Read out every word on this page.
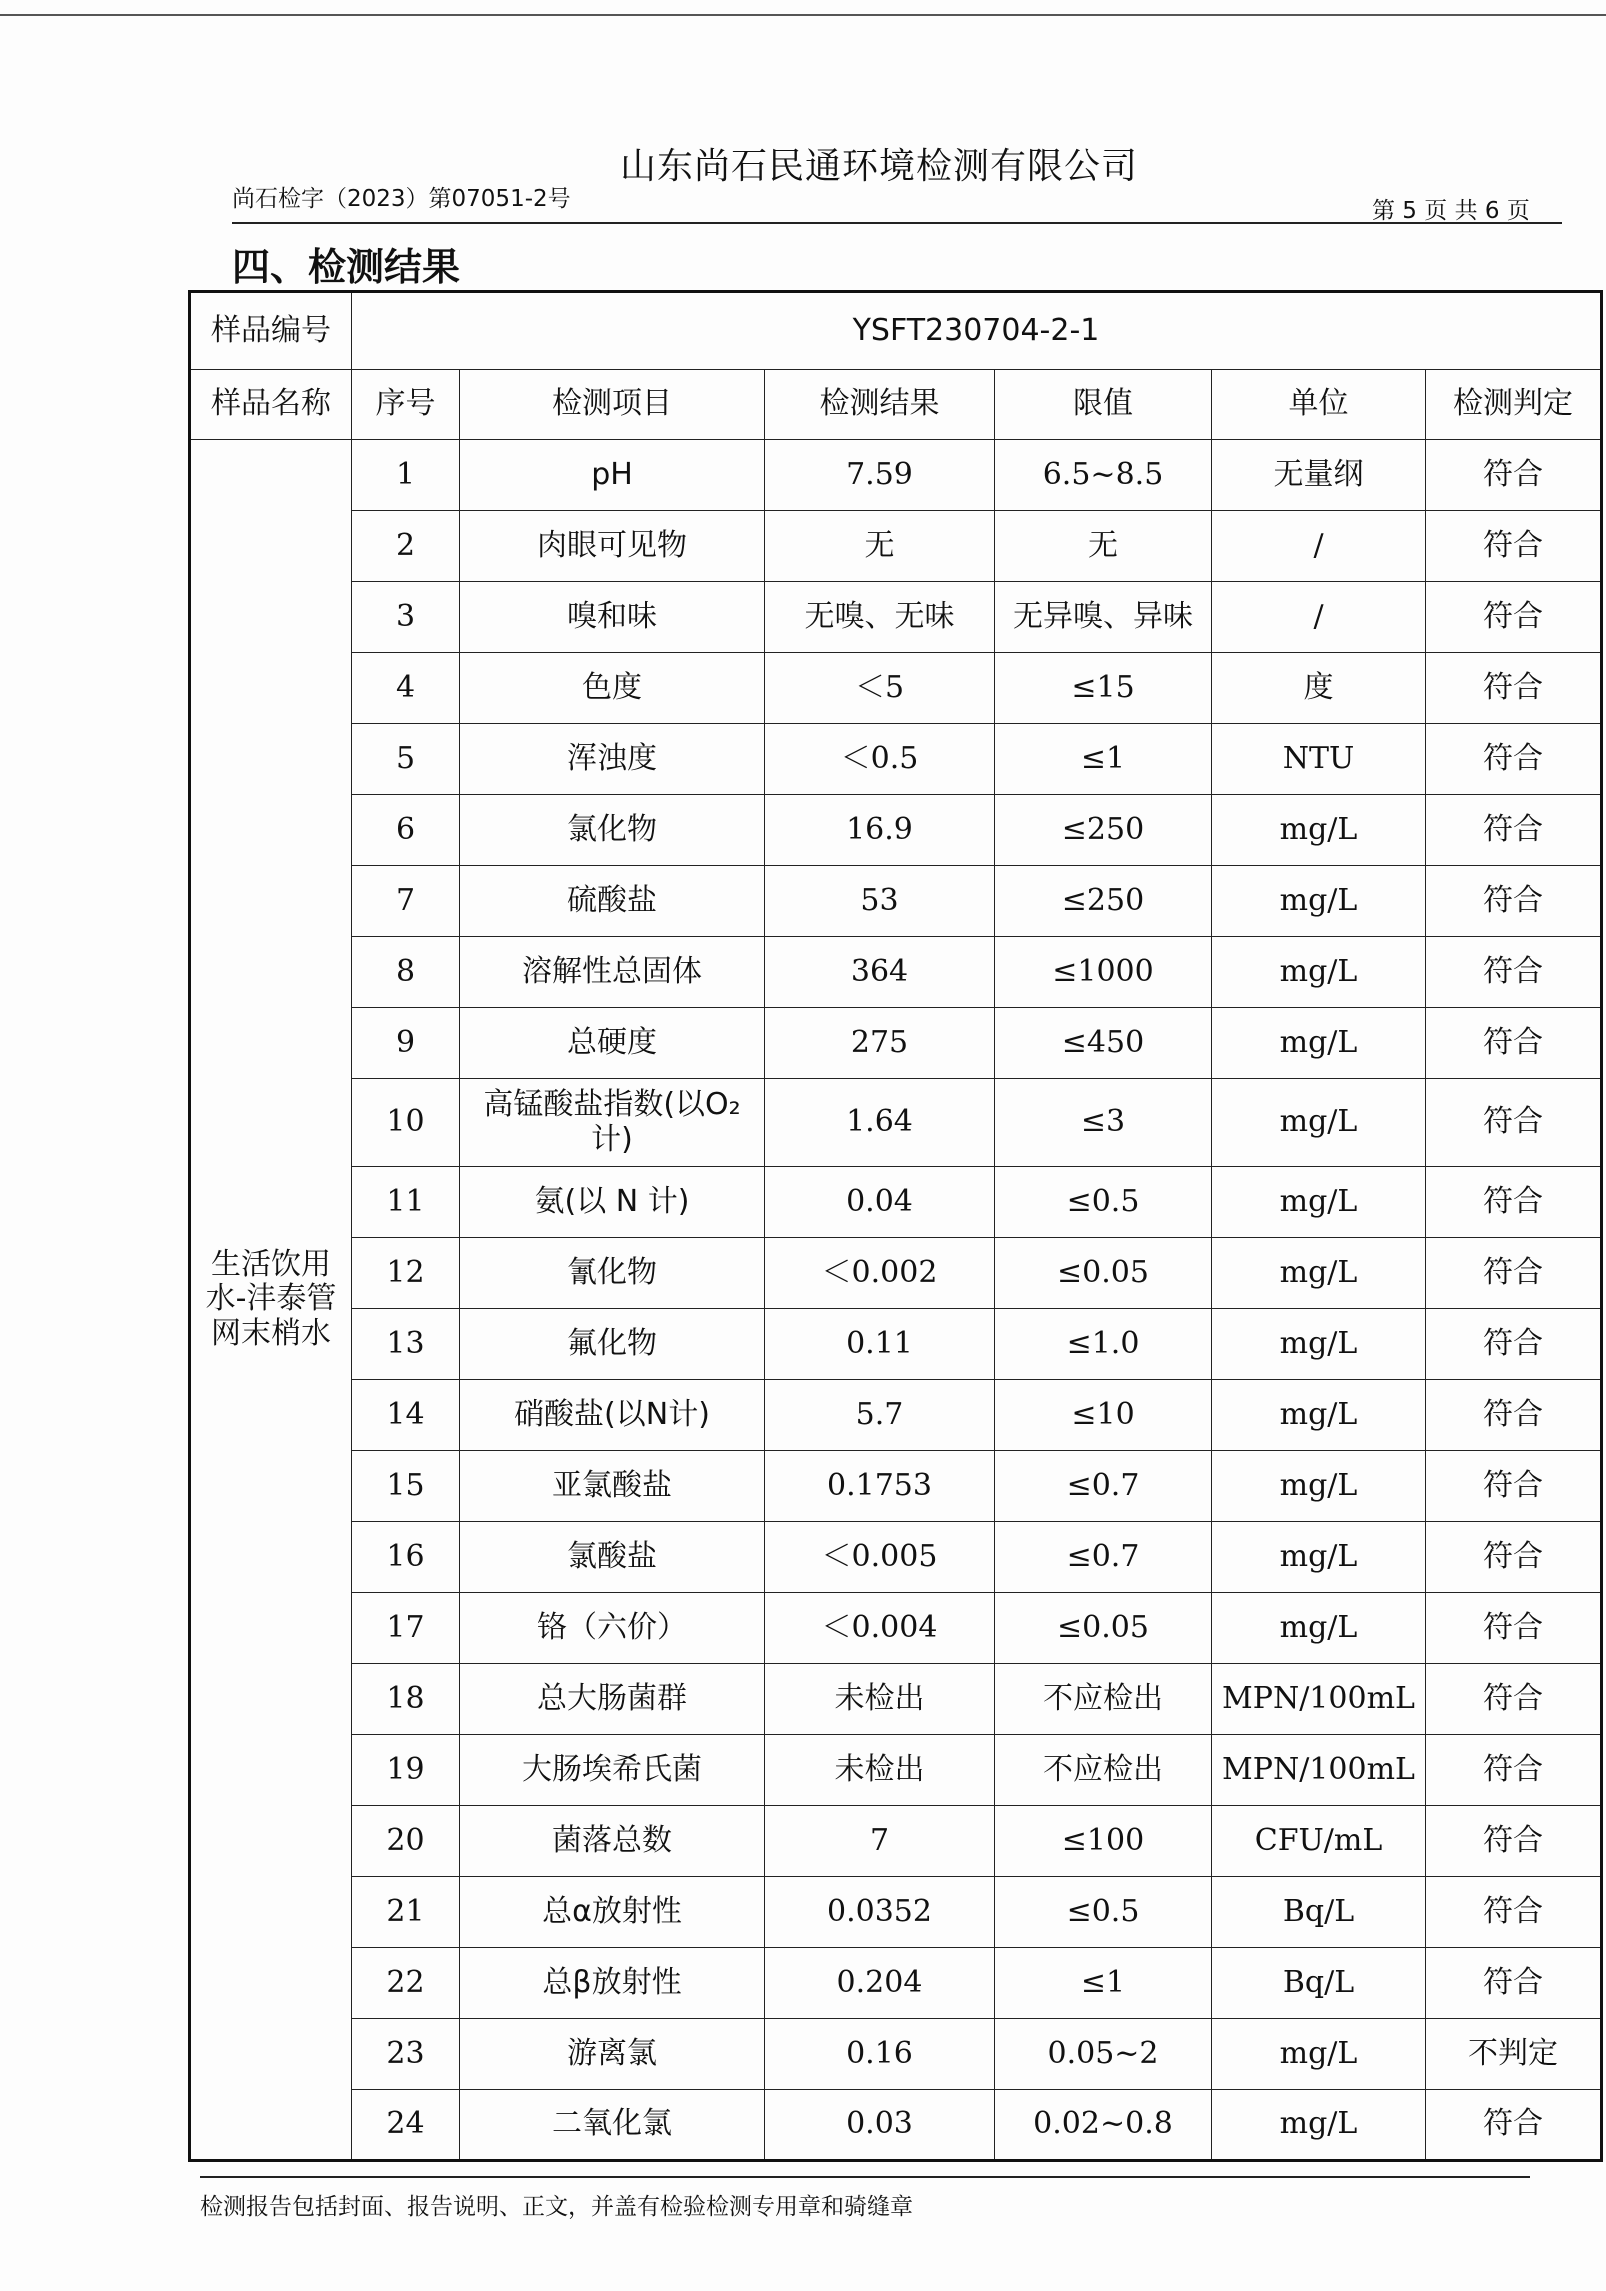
山东尚石民通环境检测有限公司
尚石检字（2023）第07051-2号	第 5 页 共 6 页
四、检测结果
样品编号	YSFT230704-2-1					
样品名称	序号	检测项目	检测结果	限值	单位	检测判定
生活饮用水-沣泰管网末梢水	1	pH	7.59	6.5~8.5	无量纲	符合
	2	肉眼可见物	无	无	/	符合
	3	嗅和味	无嗅、无味	无异嗅、异味	/	符合
	4	色度	＜5	≤15	度	符合
	5	浑浊度	＜0.5	≤1	NTU	符合
	6	氯化物	16.9	≤250	mg/L	符合
	7	硫酸盐	53	≤250	mg/L	符合
	8	溶解性总固体	364	≤1000	mg/L	符合
	9	总硬度	275	≤450	mg/L	符合
	10	高锰酸盐指数(以O₂计)	1.64	≤3	mg/L	符合
	11	氨(以 N 计)	0.04	≤0.5	mg/L	符合
	12	氰化物	＜0.002	≤0.05	mg/L	符合
	13	氟化物	0.11	≤1.0	mg/L	符合
	14	硝酸盐(以N计)	5.7	≤10	mg/L	符合
	15	亚氯酸盐	0.1753	≤0.7	mg/L	符合
	16	氯酸盐	＜0.005	≤0.7	mg/L	符合
	17	铬（六价）	＜0.004	≤0.05	mg/L	符合
	18	总大肠菌群	未检出	不应检出	MPN/100mL	符合
	19	大肠埃希氏菌	未检出	不应检出	MPN/100mL	符合
	20	菌落总数	7	≤100	CFU/mL	符合
	21	总α放射性	0.0352	≤0.5	Bq/L	符合
	22	总β放射性	0.204	≤1	Bq/L	符合
	23	游离氯	0.16	0.05~2	mg/L	不判定
	24	二氧化氯	0.03	0.02~0.8	mg/L	符合
检测报告包括封面、报告说明、正文，并盖有检验检测专用章和骑缝章
